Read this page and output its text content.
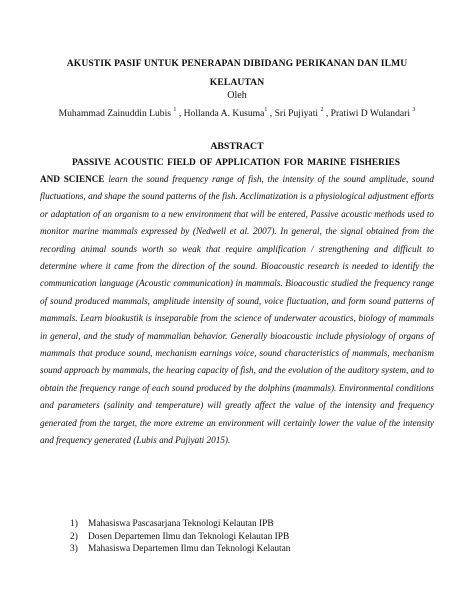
AKUSTIK PASIF UNTUK PENERAPAN DIBIDANG PERIKANAN DAN ILMU KELAUTAN
Oleh
Muhammad Zainuddin Lubis $^1$ , Hollanda A. Kusuma$^1$ , Sri Pujiyati $^2$ , Pratiwi D Wulandari $^3$
ABSTRACT
PASSIVE ACOUSTIC FIELD OF APPLICATION FOR MARINE FISHERIES
AND SCIENCE learn the sound frequency range of fish, the intensity of the sound amplitude, sound fluctuations, and shape the sound patterns of the fish. Acclimatization is a physiological adjustment efforts or adaptation of an organism to a new environment that will be entered, Passive acoustic methods used to monitor marine mammals expressed by (Nedwell et al. 2007). In general, the signal obtained from the recording animal sounds worth so weak that require amplification / strengthening and difficult to determine where it came from the direction of the sound. Bioacoustic research is needed to identify the communication language (Acoustic communication) in mammals. Bioacoustic studied the frequency range of sound produced mammals, amplitude intensity of sound, voice fluctuation, and form sound patterns of mammals. Learn bioakustik is inseparable from the science of underwater acoustics, biology of mammals in general, and the study of mammalian behavior. Generally bioacoustic include physiology of organs of mammals that produce sound, mechanism earnings voice, sound characteristics of mammals, mechanism sound approach by mammals, the hearing capacity of fish, and the evolution of the auditory system, and to obtain the frequency range of each sound produced by the dolphins (mammals). Environmental conditions and parameters (salinity and temperature) will greatly affect the value of the intensity and frequency generated from the target, the more extreme an environment will certainly lower the value of the intensity and frequency generated (Lubis and Pujiyati 2015).
1) Mahasiswa Pascasarjana Teknologi Kelautan IPB
2) Dosen Departemen Ilmu dan Teknologi Kelautan IPB
3) Mahasiswa Departemen Ilmu dan Teknologi Kelautan
